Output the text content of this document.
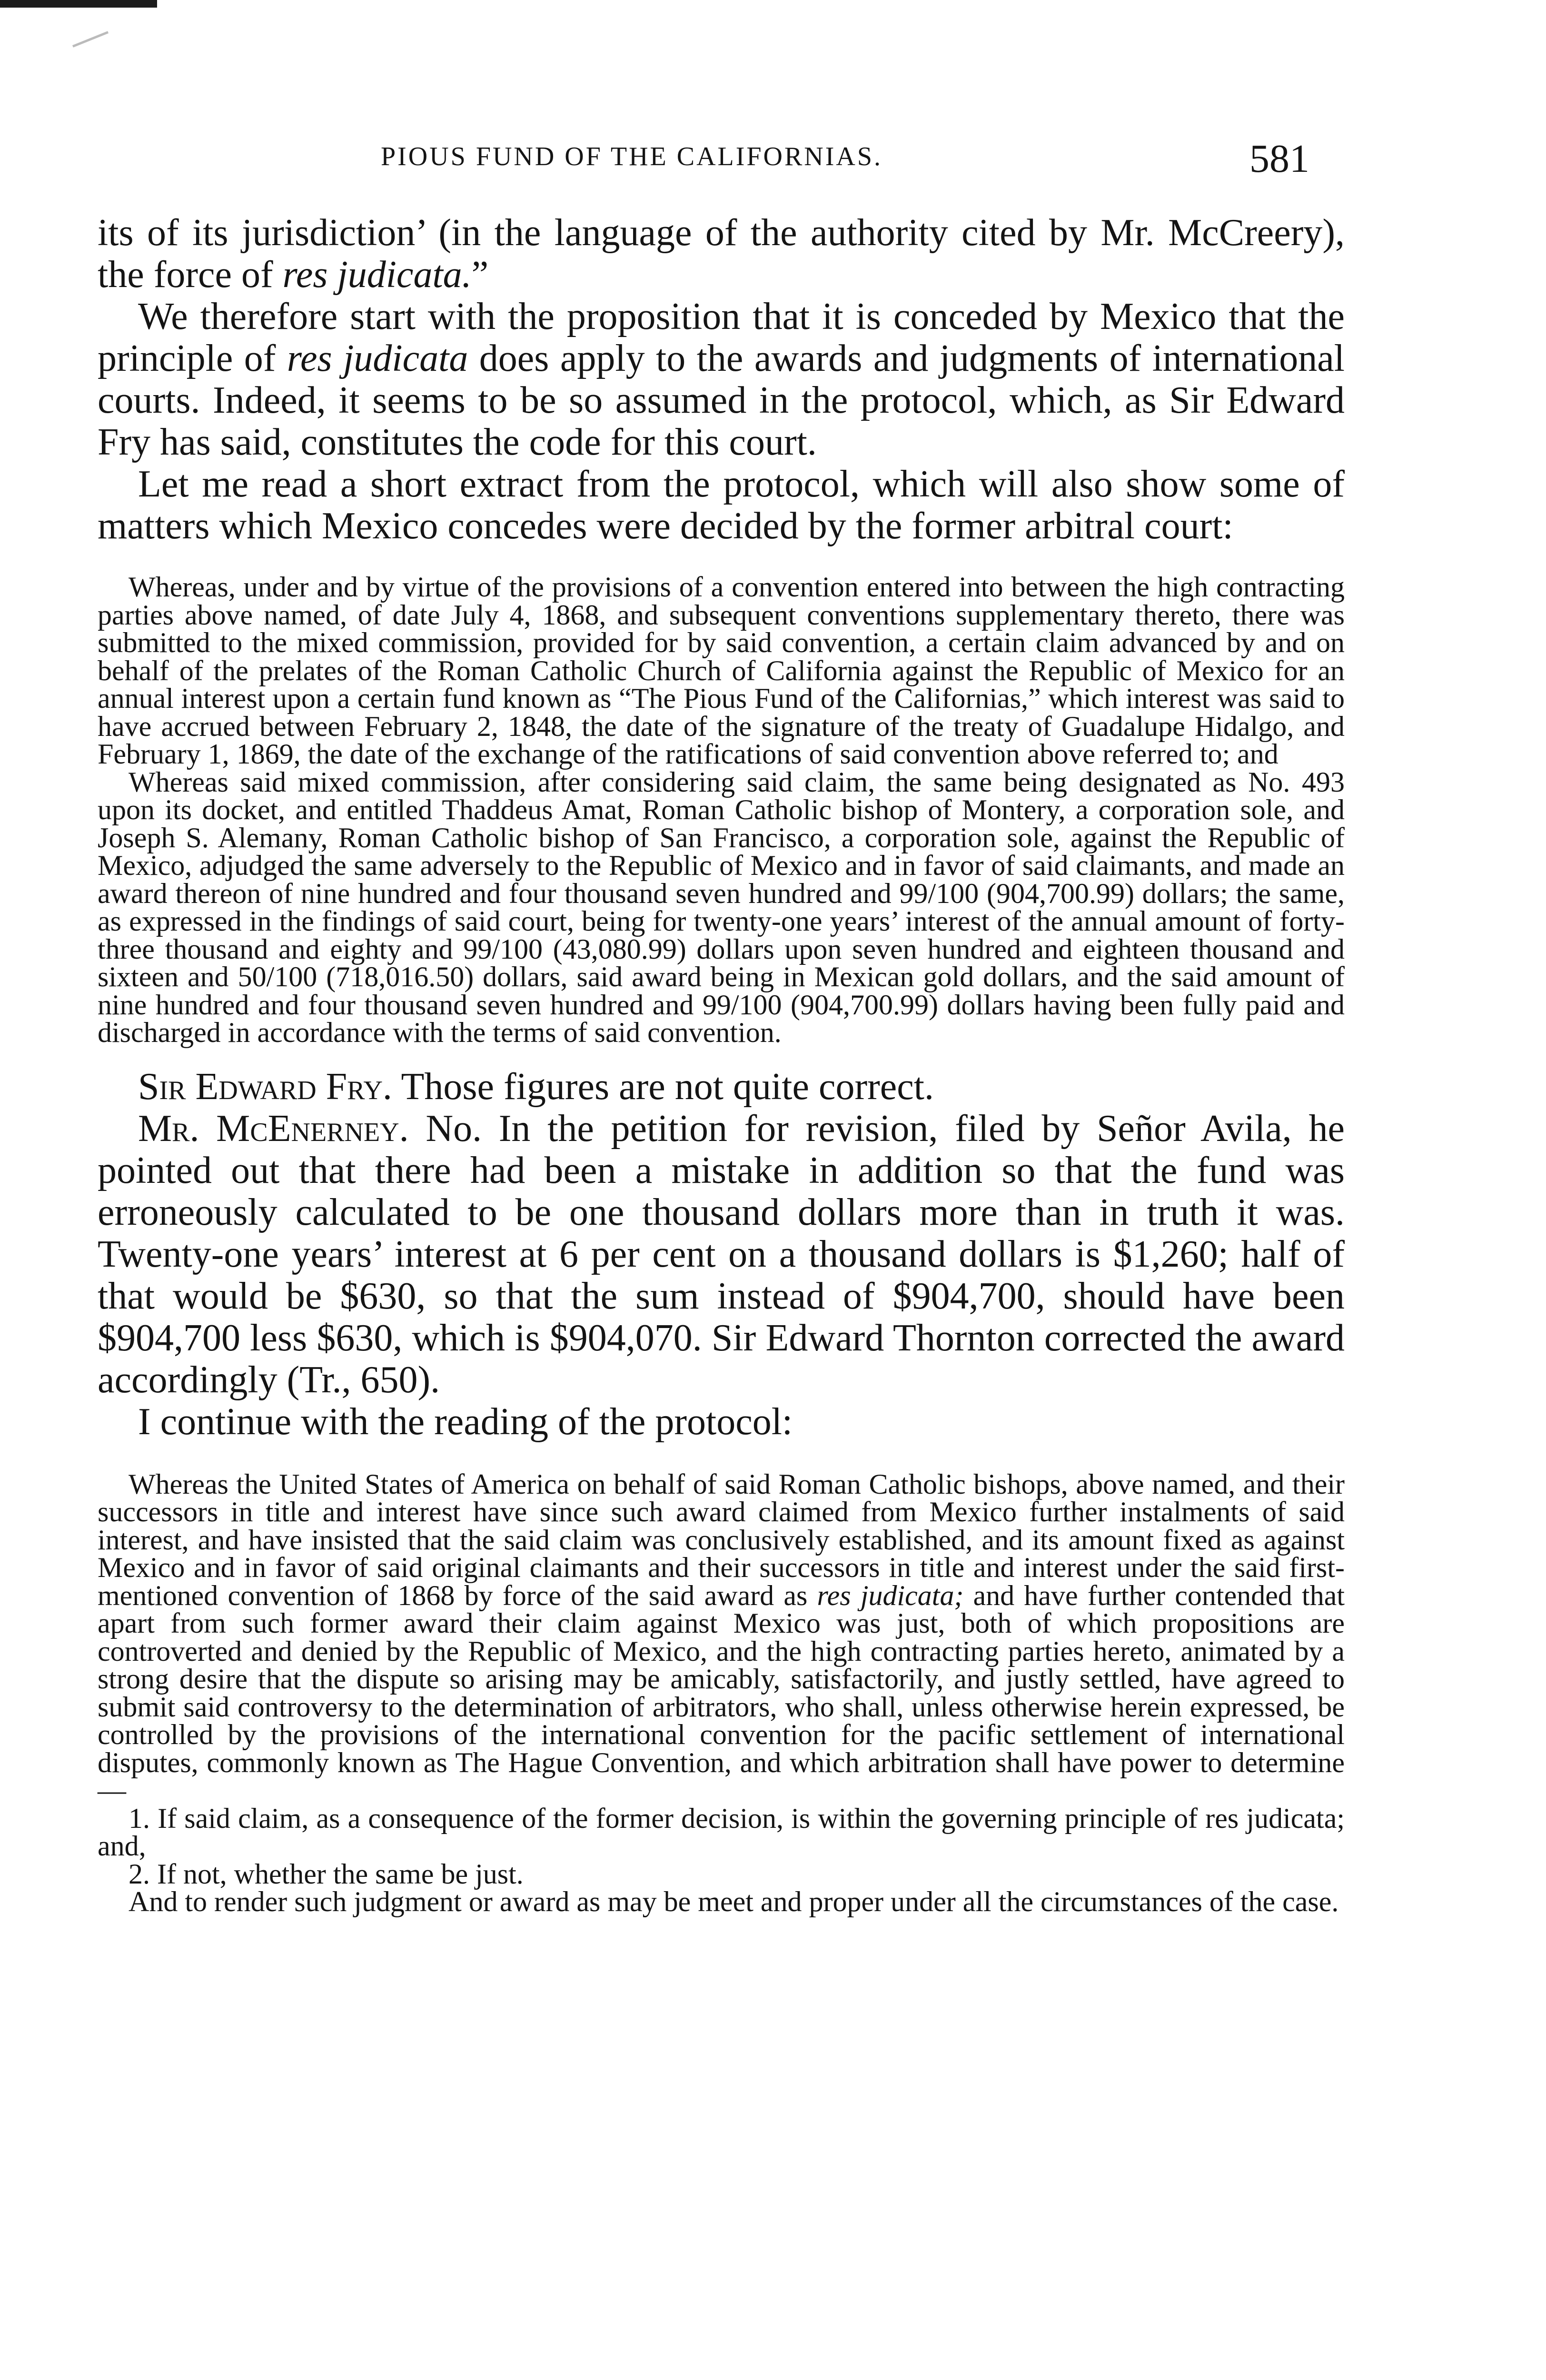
PIOUS FUND OF THE CALIFORNIAS.	581

its of its jurisdiction’ (in the language of the authority cited by Mr. McCreery), the force of res judicata.”

We therefore start with the proposition that it is conceded by Mexico that the principle of res judicata does apply to the awards and judgments of international courts. Indeed, it seems to be so assumed in the protocol, which, as Sir Edward Fry has said, constitutes the code for this court.

Let me read a short extract from the protocol, which will also show some of matters which Mexico concedes were decided by the former arbitral court:

Whereas, under and by virtue of the provisions of a convention entered into between the high contracting parties above named, of date July 4, 1868, and subsequent conventions supplementary thereto, there was submitted to the mixed commission, provided for by said convention, a certain claim advanced by and on behalf of the prelates of the Roman Catholic Church of California against the Republic of Mexico for an annual interest upon a certain fund known as “The Pious Fund of the Californias,” which interest was said to have accrued between February 2, 1848, the date of the signature of the treaty of Guadalupe Hidalgo, and February 1, 1869, the date of the exchange of the ratifications of said convention above referred to; and

Whereas said mixed commission, after considering said claim, the same being designated as No. 493 upon its docket, and entitled Thaddeus Amat, Roman Catholic bishop of Montery, a corporation sole, and Joseph S. Alemany, Roman Catholic bishop of San Francisco, a corporation sole, against the Republic of Mexico, adjudged the same adversely to the Republic of Mexico and in favor of said claimants, and made an award thereon of nine hundred and four thousand seven hundred and 99/100 (904,700.99) dollars; the same, as expressed in the findings of said court, being for twenty-one years’ interest of the annual amount of forty-three thousand and eighty and 99/100 (43,080.99) dollars upon seven hundred and eighteen thousand and sixteen and 50/100 (718,016.50) dollars, said award being in Mexican gold dollars, and the said amount of nine hundred and four thousand seven hundred and 99/100 (904,700.99) dollars having been fully paid and discharged in accordance with the terms of said convention.

Sir Edward Fry. Those figures are not quite correct.

Mr. McEnerney. No. In the petition for revision, filed by Señor Avila, he pointed out that there had been a mistake in addition so that the fund was erroneously calculated to be one thousand dollars more than in truth it was. Twenty-one years’ interest at 6 per cent on a thousand dollars is $1,260; half of that would be $630, so that the sum instead of $904,700, should have been $904,700 less $630, which is $904,070. Sir Edward Thornton corrected the award accordingly (Tr., 650).

I continue with the reading of the protocol:

Whereas the United States of America on behalf of said Roman Catholic bishops, above named, and their successors in title and interest have since such award claimed from Mexico further instalments of said interest, and have insisted that the said claim was conclusively established, and its amount fixed as against Mexico and in favor of said original claimants and their successors in title and interest under the said first-mentioned convention of 1868 by force of the said award as res judicata; and have further contended that apart from such former award their claim against Mexico was just, both of which propositions are controverted and denied by the Republic of Mexico, and the high contracting parties hereto, animated by a strong desire that the dispute so arising may be amicably, satisfactorily, and justly settled, have agreed to submit said controversy to the determination of arbitrators, who shall, unless otherwise herein expressed, be controlled by the provisions of the international convention for the pacific settlement of international disputes, commonly known as The Hague Convention, and which arbitration shall have power to determine—

1. If said claim, as a consequence of the former decision, is within the governing principle of res judicata; and,

2. If not, whether the same be just.

And to render such judgment or award as may be meet and proper under all the circumstances of the case.
